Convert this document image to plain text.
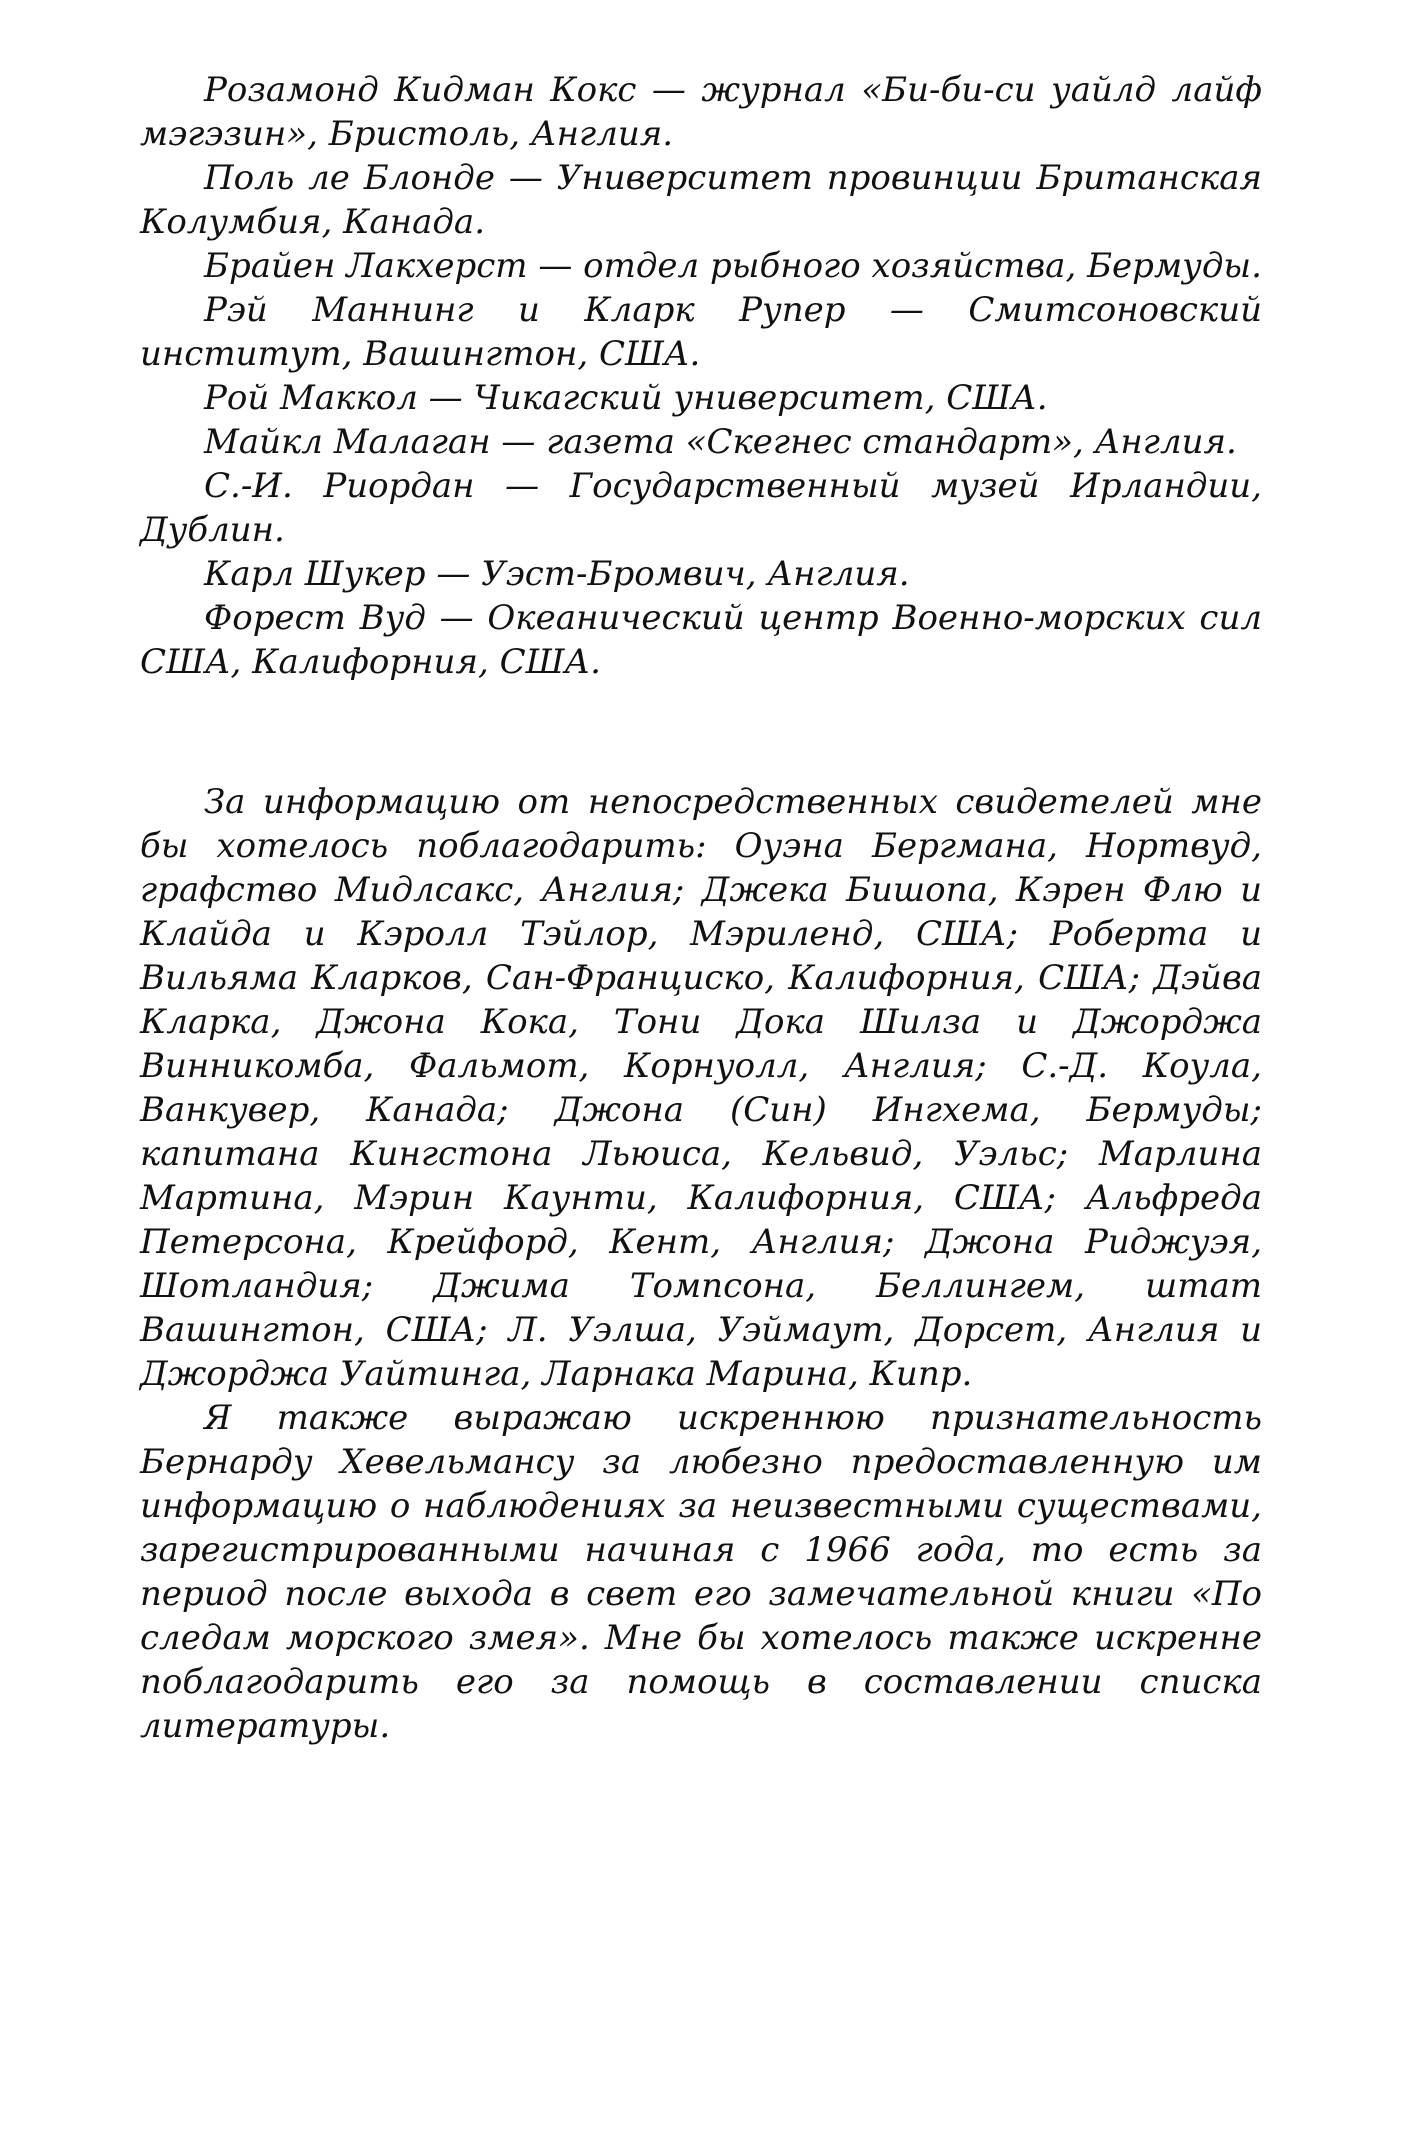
Розамонд Кидман Кокс — журнал «Би-би-си уайлд лайф мэгэзин», Бристоль, Англия.

Поль ле Блонде — Университет провинции Британская Колумбия, Канада.

Брайен Лакхерст — отдел рыбного хозяйства, Бермуды.

Рэй Маннинг и Кларк Рупер — Смитсоновский институт, Вашингтон, США.

Рой Маккол — Чикагский университет, США.

Майкл Малаган — газета «Скегнес стандарт», Англия.

С.-И. Риордан — Государственный музей Ирландии, Дублин.

Карл Шукер — Уэст-Бромвич, Англия.

Форест Вуд — Океанический центр Военно-морских сил США, Калифорния, США.

За информацию от непосредственных свидетелей мне бы хотелось поблагодарить: Оуэна Бергмана, Нортвуд, графство Мидлсакс, Англия; Джека Бишопа, Кэрен Флю и Клайда и Кэролл Тэйлор, Мэриленд, США; Роберта и Вильяма Кларков, Сан-Франциско, Калифорния, США; Дэйва Кларка, Джона Кока, Тони Дока Шилза и Джорджа Винникомба, Фальмот, Корнуолл, Англия; С.-Д. Коула, Ванкувер, Канада; Джона (Син) Ингхема, Бермуды; капитана Кингстона Льюиса, Кельвид, Уэльс; Марлина Мартина, Мэрин Каунти, Калифорния, США; Альфреда Петерсона, Крейфорд, Кент, Англия; Джона Риджуэя, Шотландия; Джима Томпсона, Беллингем, штат Вашингтон, США; Л. Уэлша, Уэймаут, Дорсет, Англия и Джорджа Уайтинга, Ларнака Марина, Кипр.

Я также выражаю искреннюю признательность Бернарду Хевельмансу за любезно предоставленную им информацию о наблюдениях за неизвестными существами, зарегистрированными начиная с 1966 года, то есть за период после выхода в свет его замечательной книги «По следам морского змея». Мне бы хотелось также искренне поблагодарить его за помощь в составлении списка литературы.
